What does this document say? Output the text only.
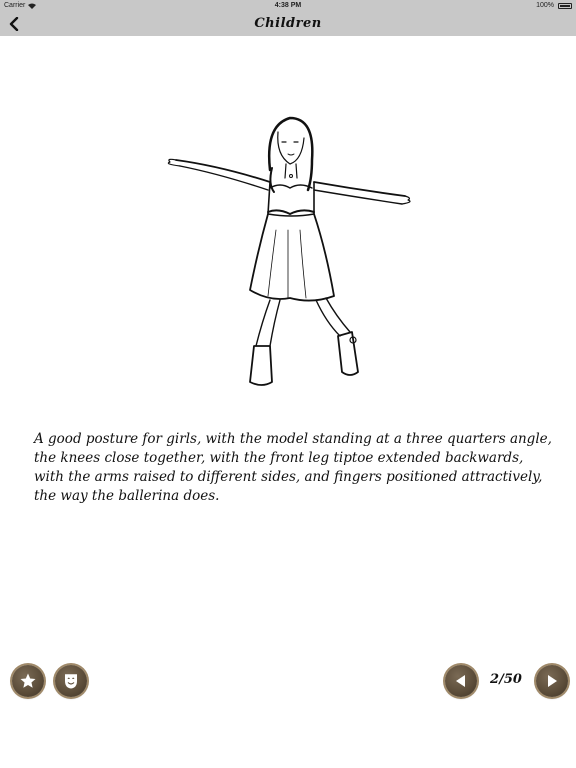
Carrier	4:38 PM	100%
Children

A good posture for girls, with the model standing at a three quarters angle, the knees close together, with the front leg tiptoe extended backwards, with the arms raised to different sides, and fingers positioned attractively, the way the ballerina does.

2/50
